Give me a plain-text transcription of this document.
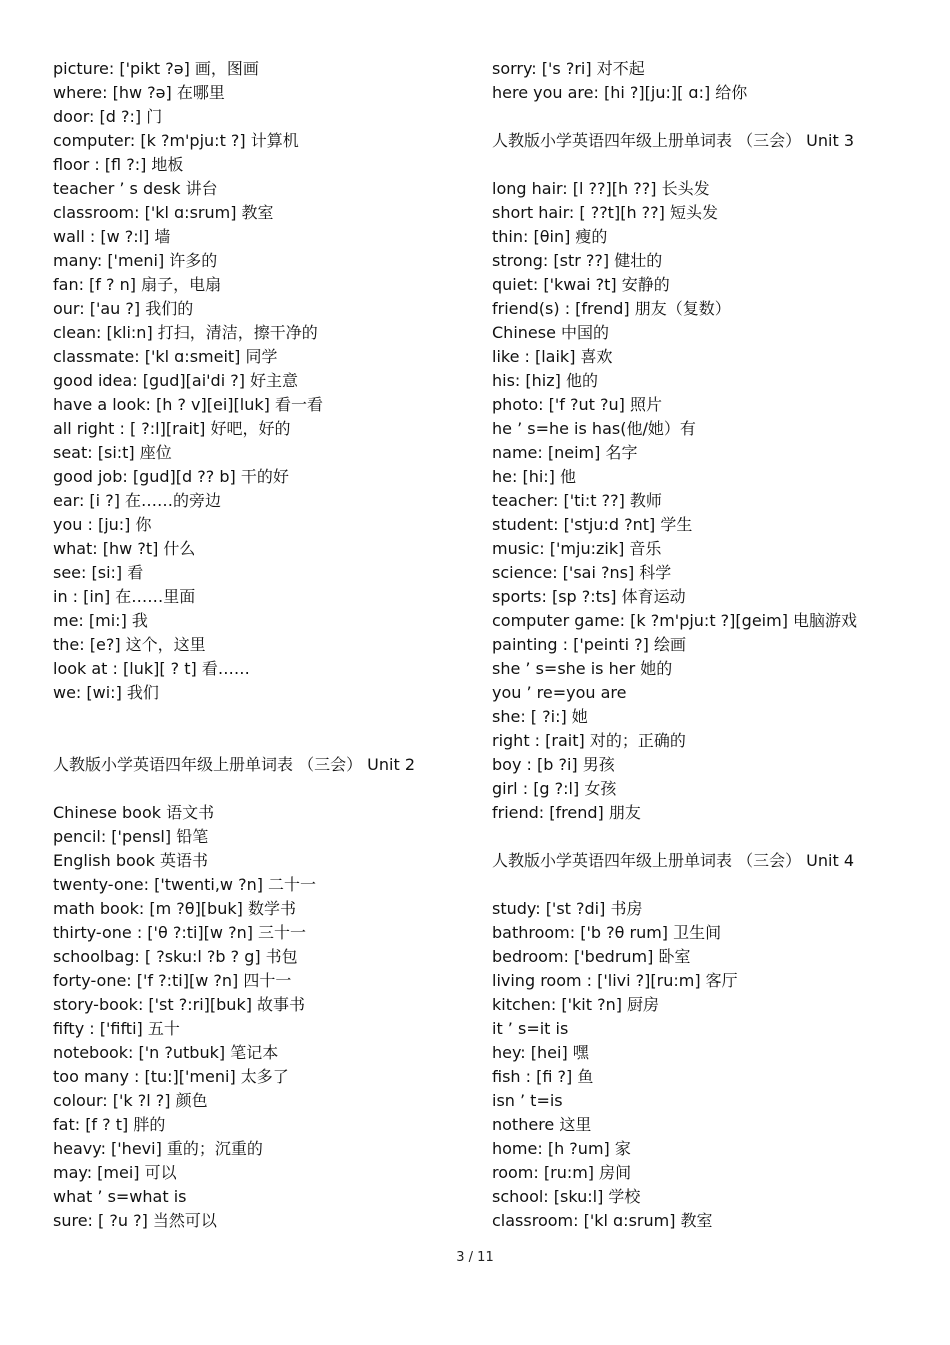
picture: ['pikt ?ə] 画，图画
where: [hw ?ə] 在哪里
door: [d ?:] 门
computer: [k ?m'pju:t ?] 计算机
floor : [fl ?:] 地板
teacher ’ s desk 讲台
classroom: ['kl ɑ:srum] 教室
wall : [w ?:l] 墙
many: ['meni] 许多的
fan: [f ? n] 扇子，电扇
our: ['au ?] 我们的
clean: [kli:n] 打扫，清洁，擦干净的
classmate: ['kl ɑ:smeit] 同学
good idea: [gud][ai'di ?] 好主意
have a look: [h ? v][ei][luk] 看一看
all right : [ ?:l][rait] 好吧，好的
seat: [si:t] 座位
good job: [gud][d ?? b] 干的好
ear: [i ?] 在……的旁边
you : [ju:] 你
what: [hw ?t] 什么
see: [si:] 看
in : [in] 在……里面
me: [mi:] 我
the: [e?] 这个，这里
look at : [luk][ ? t] 看……
we: [wi:] 我们
人教版小学英语四年级上册单词表 （三会） Unit 2
Chinese book 语文书
pencil: ['pensl] 铅笔
English book 英语书
twenty-one: ['twenti,w ?n] 二十一
math book: [m ?θ][buk] 数学书
thirty-one : ['θ ?:ti][w ?n] 三十一
schoolbag: [ ?sku:l ?b ? g] 书包
forty-one: ['f ?:ti][w ?n] 四十一
story-book: ['st ?:ri][buk] 故事书
fifty : ['fifti] 五十
notebook: ['n ?utbuk] 笔记本
too many : [tu:]['meni] 太多了
colour: ['k ?l ?] 颜色
fat: [f ? t] 胖的
heavy: ['hevi] 重的；沉重的
may: [mei] 可以
what ’ s=what is
sure: [ ?u ?] 当然可以
sorry: ['s ?ri] 对不起
here you are: [hi ?][ju:][ ɑ:] 给你
人教版小学英语四年级上册单词表 （三会） Unit 3
long hair: [l ??][h ??] 长头发
short hair: [ ??t][h ??] 短头发
thin: [θin] 瘦的
strong: [str ??] 健壮的
quiet: ['kwai ?t] 安静的
friend(s) : [frend] 朋友（复数）
Chinese 中国的
like : [laik] 喜欢
his: [hiz] 他的
photo: ['f ?ut ?u] 照片
he ’ s=he is has(他/她）有
name: [neim] 名字
he: [hi:] 他
teacher: ['ti:t ??] 教师
student: ['stju:d ?nt] 学生
music: ['mju:zik] 音乐
science: ['sai ?ns] 科学
sports: [sp ?:ts] 体育运动
computer game: [k ?m'pju:t ?][geim] 电脑游戏
painting : ['peinti ?] 绘画
she ’ s=she is her 她的
you ’ re=you are
she: [ ?i:] 她
right : [rait] 对的；正确的
boy : [b ?i] 男孩
girl : [g ?:l] 女孩
friend: [frend] 朋友
人教版小学英语四年级上册单词表 （三会） Unit 4
study: ['st ?di] 书房
bathroom: ['b ?θ rum] 卫生间
bedroom: ['bedrum] 卧室
living room : ['livi ?][ru:m] 客厅
kitchen: ['kit ?n] 厨房
it ’ s=it is
hey: [hei] 嘿
fish : [fi ?] 鱼
isn ’ t=is
nothere 这里
home: [h ?um] 家
room: [ru:m] 房间
school: [sku:l] 学校
classroom: ['kl ɑ:srum] 教室
3 / 11
